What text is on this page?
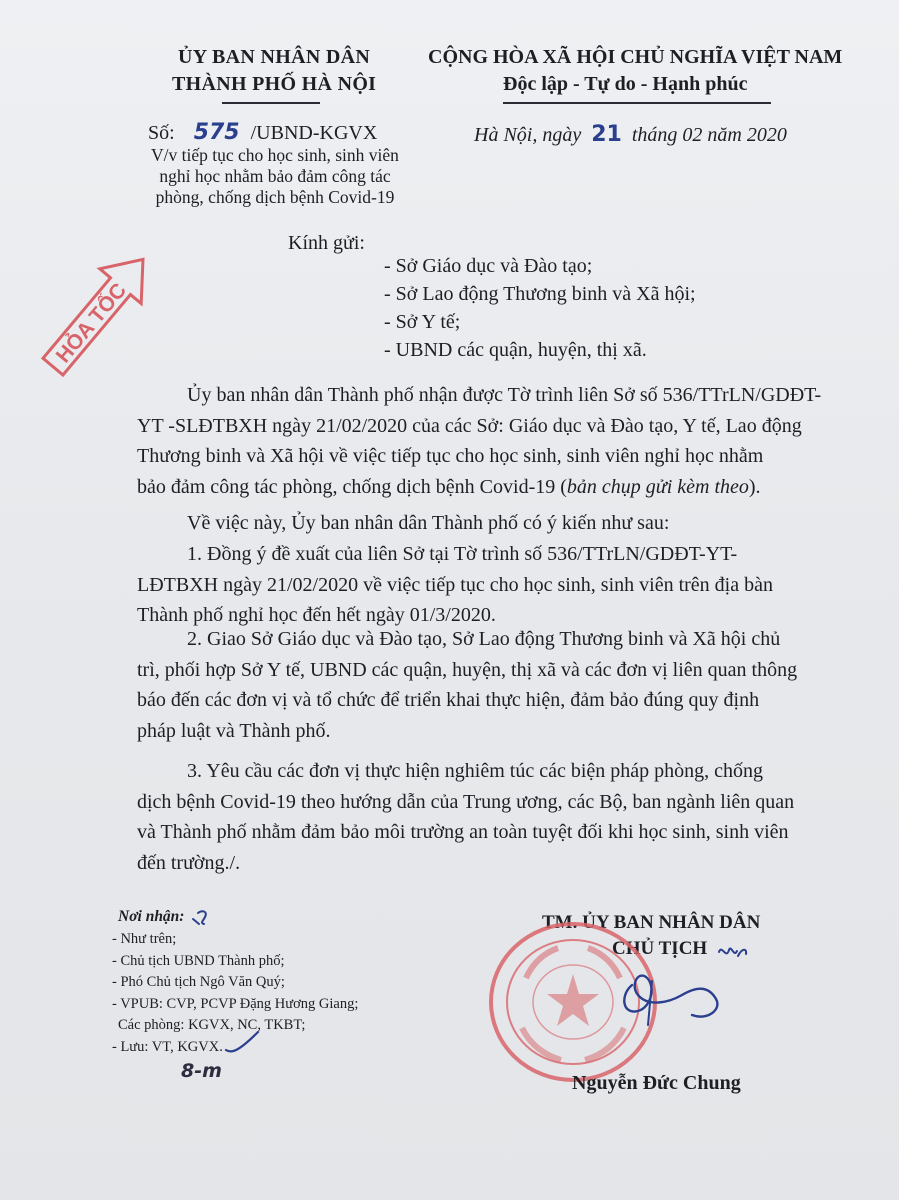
ỦY BAN NHÂN DÂN
THÀNH PHỐ HÀ NỘI
CỘNG HÒA XÃ HỘI CHỦ NGHĨA VIỆT NAM
Độc lập - Tự do - Hạnh phúc
Số: 575 /UBND-KGVX	Hà Nội, ngày 21 tháng 02 năm 2020
V/v tiếp tục cho học sinh, sinh viên
nghỉ học nhằm bảo đảm công tác
phòng, chống dịch bệnh Covid-19
HỎA TỐC
Kính gửi:
- Sở Giáo dục và Đào tạo;
- Sở Lao động Thương binh và Xã hội;
- Sở Y tế;
- UBND các quận, huyện, thị xã.
Ủy ban nhân dân Thành phố nhận được Tờ trình liên Sở số 536/TTrLN/GDĐT-
YT -SLĐTBXH ngày 21/02/2020 của các Sở: Giáo dục và Đào tạo, Y tế, Lao động
Thương binh và Xã hội về việc tiếp tục cho học sinh, sinh viên nghỉ học nhằm
bảo đảm công tác phòng, chống dịch bệnh Covid-19 (bản chụp gửi kèm theo).
Về việc này, Ủy ban nhân dân Thành phố có ý kiến như sau:
1. Đồng ý đề xuất của liên Sở tại Tờ trình số 536/TTrLN/GDĐT-YT-
LĐTBXH ngày 21/02/2020 về việc tiếp tục cho học sinh, sinh viên trên địa bàn
Thành phố nghỉ học đến hết ngày 01/3/2020.
2. Giao Sở Giáo dục và Đào tạo, Sở Lao động Thương binh và Xã hội chủ
trì, phối hợp Sở Y tế, UBND các quận, huyện, thị xã và các đơn vị liên quan thông
báo đến các đơn vị và tổ chức để triển khai thực hiện, đảm bảo đúng quy định
pháp luật và Thành phố.
3. Yêu cầu các đơn vị thực hiện nghiêm túc các biện pháp phòng, chống
dịch bệnh Covid-19 theo hướng dẫn của Trung ương, các Bộ, ban ngành liên quan
và Thành phố nhằm đảm bảo môi trường an toàn tuyệt đối khi học sinh, sinh viên
đến trường./.
Nơi nhận:
- Như trên;
- Chủ tịch UBND Thành phố;
- Phó Chủ tịch Ngô Văn Quý;
- VPUB: CVP, PCVP Đặng Hương Giang;
Các phòng: KGVX, NC, TKBT;
- Lưu: VT, KGVX.
8-m
TM. ỦY BAN NHÂN DÂN
CHỦ TỊCH
Nguyễn Đức Chung
